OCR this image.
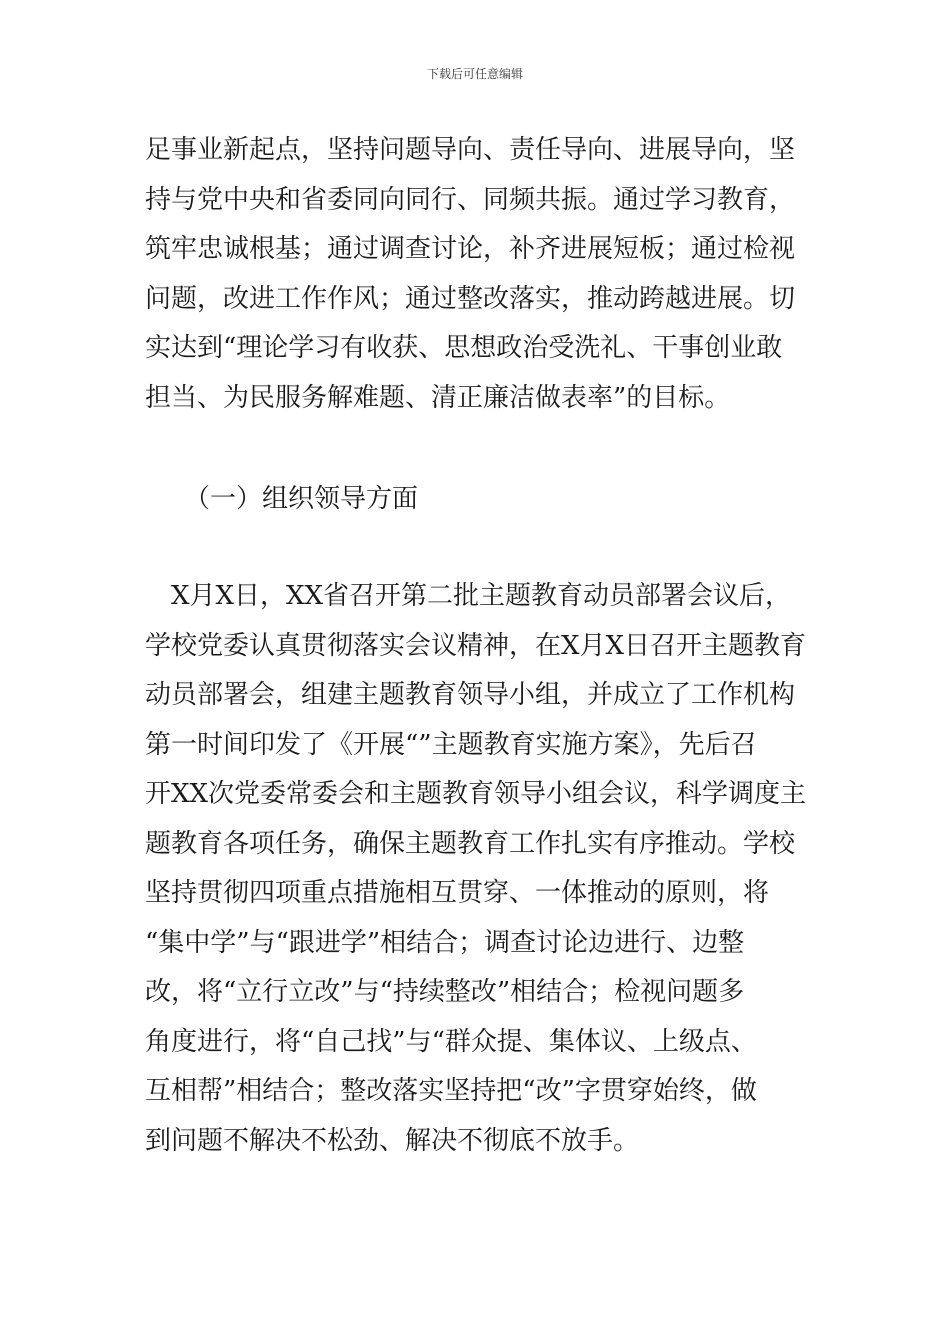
下载后可任意编辑
足事业新起点，坚持问题导向、责任导向、进展导向，坚
持与党中央和省委同向同行、同频共振。通过学习教育，
筑牢忠诚根基；通过调查讨论，补齐进展短板；通过检视
问题，改进工作作风；通过整改落实，推动跨越进展。切
实达到“理论学习有收获、思想政治受洗礼、干事创业敢
担当、为民服务解难题、清正廉洁做表率”的目标。
　　（一）组织领导方面
　X月X日，XX省召开第二批主题教育动员部署会议后，
学校党委认真贯彻落实会议精神，在X月X日召开主题教育
动员部署会，组建主题教育领导小组，并成立了工作机构
第一时间印发了《开展“”主题教育实施方案》，先后召
开XX次党委常委会和主题教育领导小组会议，科学调度主
题教育各项任务，确保主题教育工作扎实有序推动。学校
坚持贯彻四项重点措施相互贯穿、一体推动的原则，将
“集中学”与“跟进学”相结合；调查讨论边进行、边整
改，将“立行立改”与“持续整改”相结合；检视问题多
角度进行，将“自己找”与“群众提、集体议、上级点、
互相帮”相结合；整改落实坚持把“改”字贯穿始终，做
到问题不解决不松劲、解决不彻底不放手。
